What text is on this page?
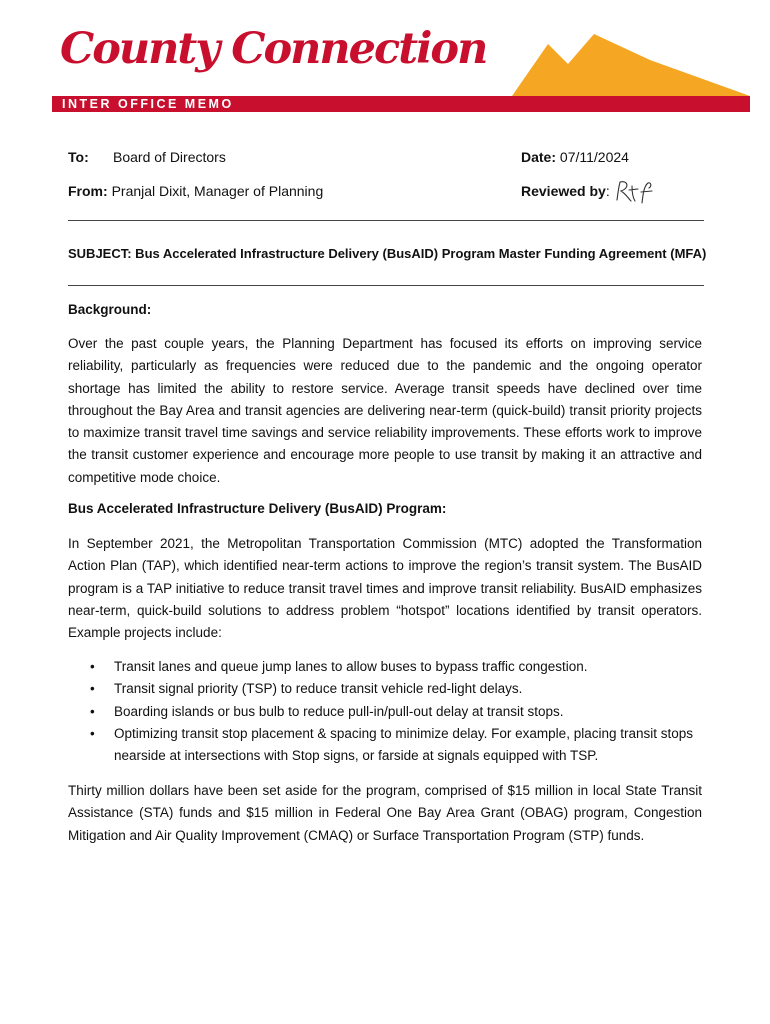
County Connection
INTER OFFICE MEMO
To: Board of Directors	Date: 07/11/2024
From: Pranjal Dixit, Manager of Planning	Reviewed by:
SUBJECT: Bus Accelerated Infrastructure Delivery (BusAID) Program Master Funding Agreement (MFA)
Background:

Over the past couple years, the Planning Department has focused its efforts on improving service reliability, particularly as frequencies were reduced due to the pandemic and the ongoing operator shortage has limited the ability to restore service. Average transit speeds have declined over time throughout the Bay Area and transit agencies are delivering near-term (quick-build) transit priority projects to maximize transit travel time savings and service reliability improvements. These efforts work to improve the transit customer experience and encourage more people to use transit by making it an attractive and competitive mode choice.

Bus Accelerated Infrastructure Delivery (BusAID) Program:

In September 2021, the Metropolitan Transportation Commission (MTC) adopted the Transformation Action Plan (TAP), which identified near-term actions to improve the region’s transit system. The BusAID program is a TAP initiative to reduce transit travel times and improve transit reliability. BusAID emphasizes near-term, quick-build solutions to address problem “hotspot” locations identified by transit operators. Example projects include:

• Transit lanes and queue jump lanes to allow buses to bypass traffic congestion.
• Transit signal priority (TSP) to reduce transit vehicle red-light delays.
• Boarding islands or bus bulb to reduce pull-in/pull-out delay at transit stops.
• Optimizing transit stop placement & spacing to minimize delay. For example, placing transit stops nearside at intersections with Stop signs, or farside at signals equipped with TSP.

Thirty million dollars have been set aside for the program, comprised of $15 million in local State Transit Assistance (STA) funds and $15 million in Federal One Bay Area Grant (OBAG) program, Congestion Mitigation and Air Quality Improvement (CMAQ) or Surface Transportation Program (STP) funds.
